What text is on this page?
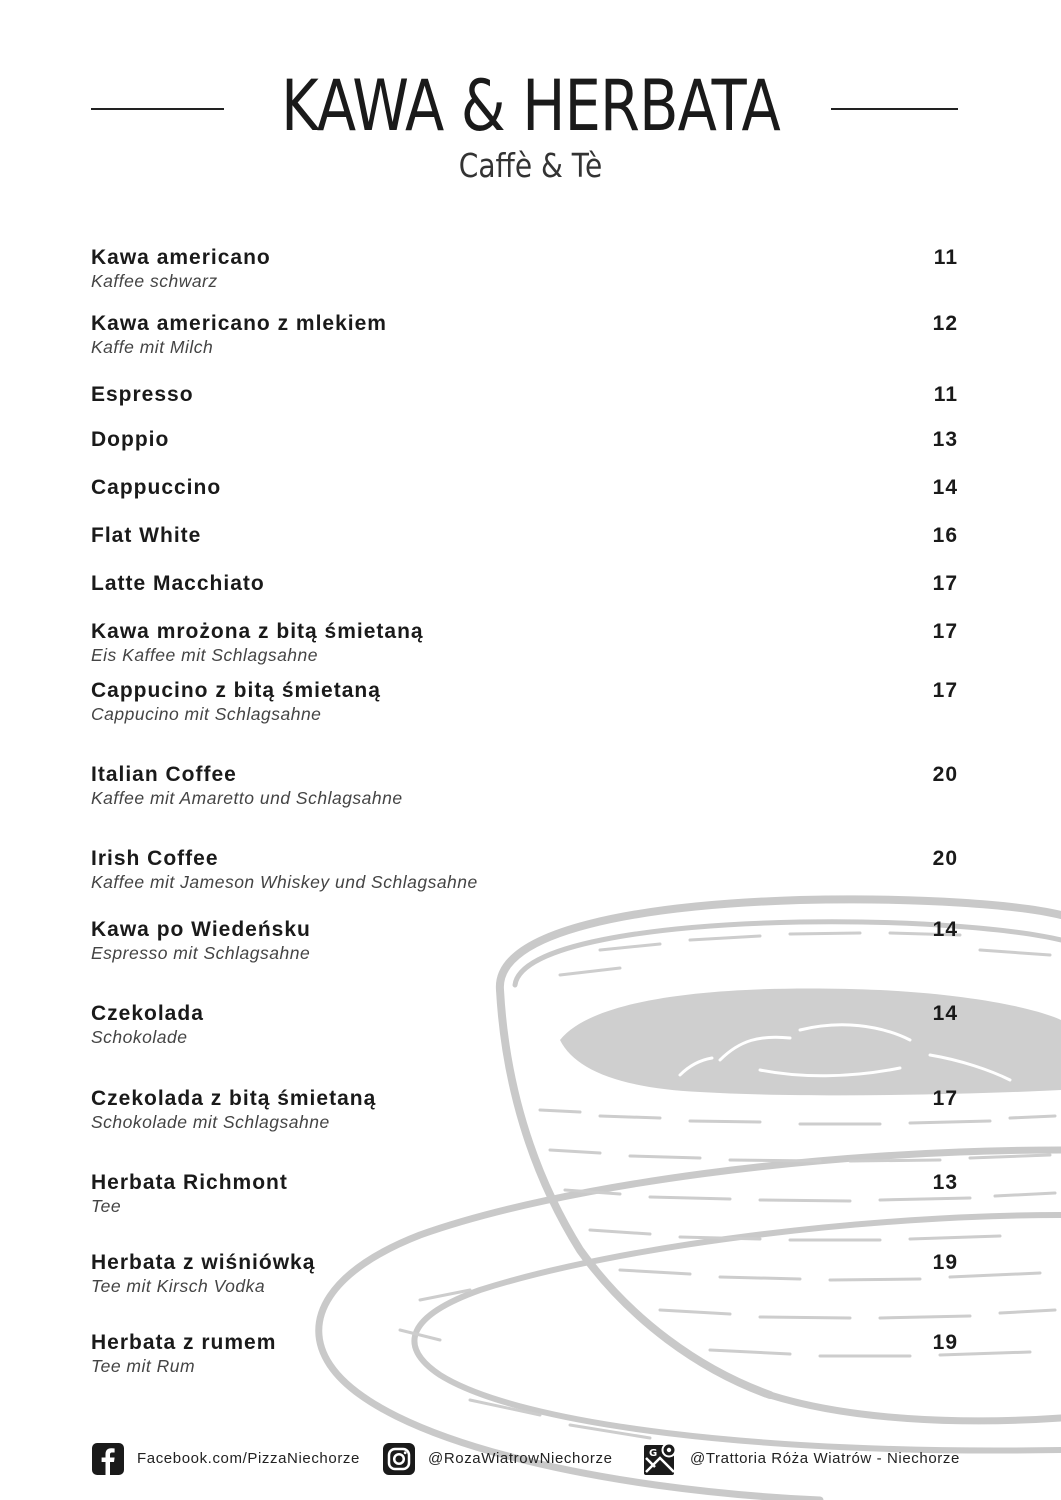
KAWA & HERBATA
Caffè & Tè
Kawa americano	11
Kaffee schwarz
Kawa americano z mlekiem	12
Kaffe mit Milch
Espresso	11
Doppio	13
Cappuccino	14
Flat White	16
Latte Macchiato	17
Kawa mrożona z bitą śmietaną	17
Eis Kaffee mit Schlagsahne
Cappucino z bitą śmietaną	17
Cappucino mit Schlagsahne
Italian Coffee	20
Kaffee mit Amaretto und Schlagsahne
Irish Coffee	20
Kaffee mit Jameson Whiskey und Schlagsahne
Kawa po Wiedeńsku	14
Espresso mit Schlagsahne
Czekolada	14
Schokolade
Czekolada z bitą śmietaną	17
Schokolade mit Schlagsahne
Herbata Richmont	13
Tee
Herbata z wiśniówką	19
Tee mit Kirsch Vodka
Herbata z rumem	19
Tee mit Rum
Facebook.com/PizzaNiechorze	@RozaWiatrowNiechorze	G @Trattoria Róża Wiatrów - Niechorze
